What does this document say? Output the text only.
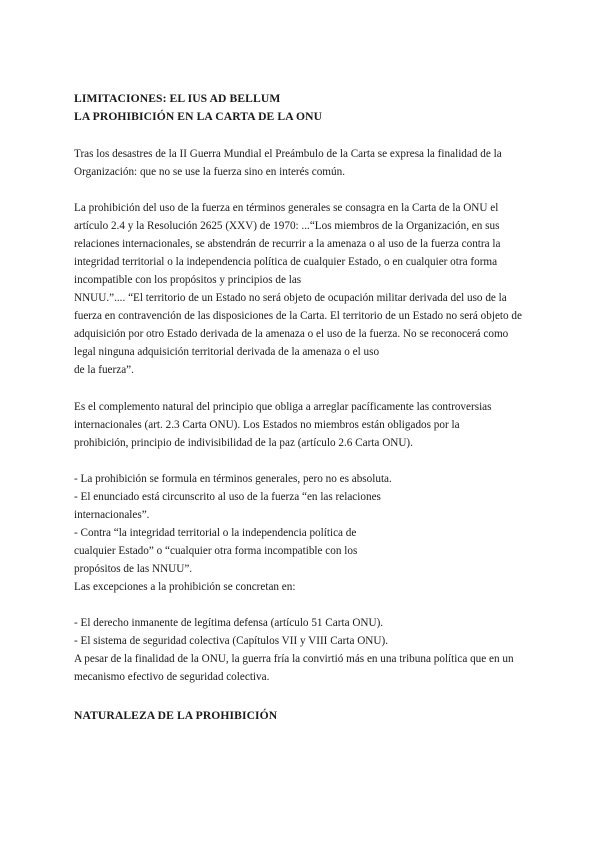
LIMITACIONES: EL IUS AD BELLUM
LA PROHIBICIÓN EN LA CARTA DE LA ONU
Tras los desastres de la II Guerra Mundial el Preámbulo de la Carta se expresa la finalidad de la
Organización: que no se use la fuerza sino en interés común.
La prohibición del uso de la fuerza en términos generales se consagra en la Carta de la ONU el
artículo 2.4 y la Resolución 2625 (XXV) de 1970: ...“Los miembros de la Organización, en sus
relaciones internacionales, se abstendrán de recurrir a la amenaza o al uso de la fuerza contra la
integridad territorial o la independencia política de cualquier Estado, o en cualquier otra forma
incompatible con los propósitos y principios de las
NNUU.”.... “El territorio de un Estado no será objeto de ocupación militar derivada del uso de la
fuerza en contravención de las disposiciones de la Carta. El territorio de un Estado no será objeto de
adquisición por otro Estado derivada de la amenaza o el uso de la fuerza. No se reconocerá como
legal ninguna adquisición territorial derivada de la amenaza o el uso
de la fuerza”.
Es el complemento natural del principio que obliga a arreglar pacíficamente las controversias
internacionales (art. 2.3 Carta ONU). Los Estados no miembros están obligados por la
prohibición, principio de indivisibilidad de la paz (artículo 2.6 Carta ONU).
- La prohibición se formula en términos generales, pero no es absoluta.
- El enunciado está circunscrito al uso de la fuerza “en las relaciones
internacionales”.
- Contra “la integridad territorial o la independencia política de
cualquier Estado” o “cualquier otra forma incompatible con los
propósitos de las NNUU”.
Las excepciones a la prohibición se concretan en:
- El derecho inmanente de legítima defensa (artículo 51 Carta ONU).
- El sistema de seguridad colectiva (Capítulos VII y VIII Carta ONU).
A pesar de la finalidad de la ONU, la guerra fría la convirtió más en una tribuna política que en un
mecanismo efectivo de seguridad colectiva.
NATURALEZA DE LA PROHIBICIÓN
